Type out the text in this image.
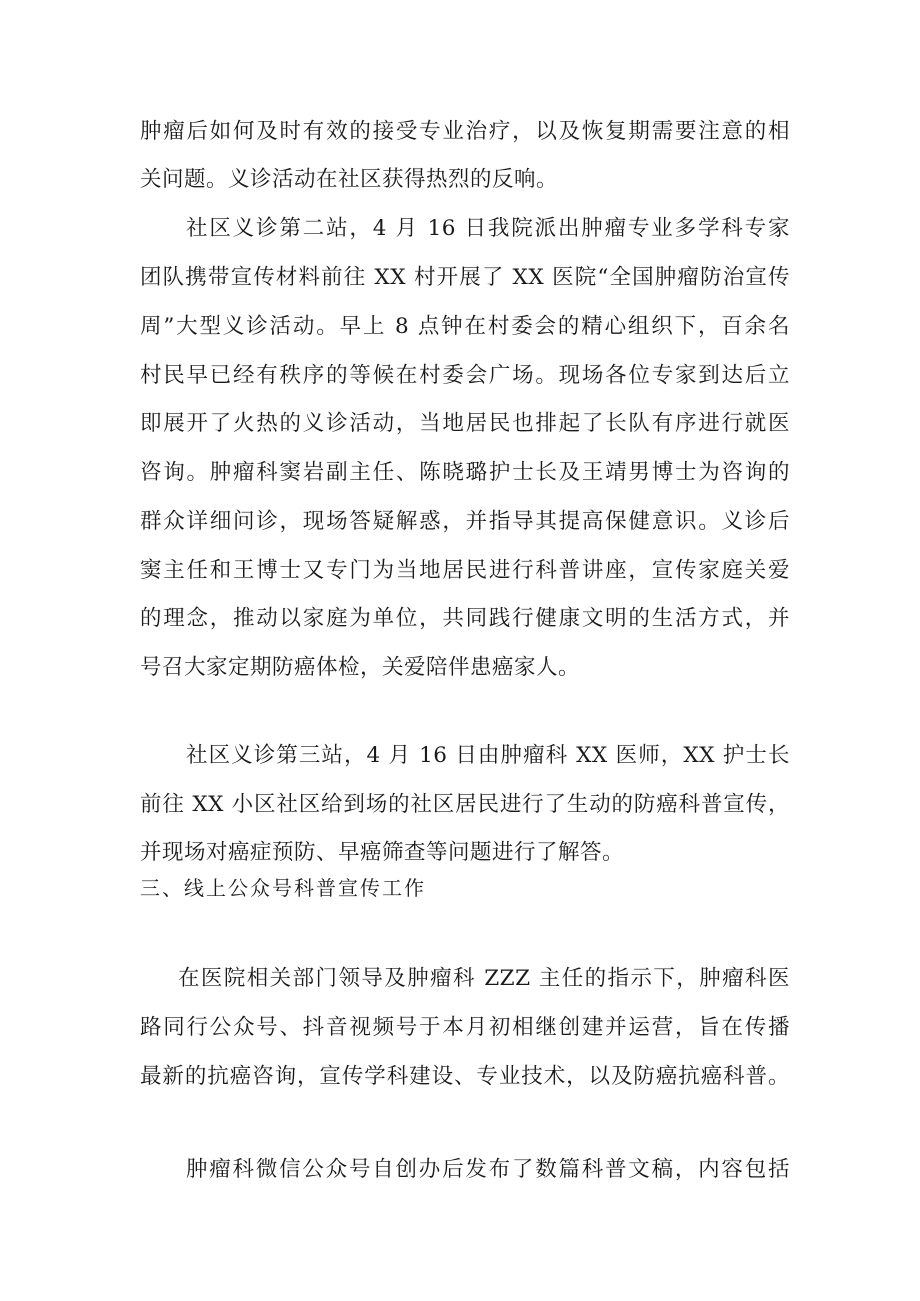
肿瘤后如何及时有效的接受专业治疗，以及恢复期需要注意的相
关问题。义诊活动在社区获得热烈的反响。
社区义诊第二站，4 月 16 日我院派出肿瘤专业多学科专家
团队携带宣传材料前往 XX 村开展了 XX 医院“全国肿瘤防治宣传
周”大型义诊活动。早上 8 点钟在村委会的精心组织下，百余名
村民早已经有秩序的等候在村委会广场。现场各位专家到达后立
即展开了火热的义诊活动，当地居民也排起了长队有序进行就医
咨询。肿瘤科窦岩副主任、陈晓璐护士长及王靖男博士为咨询的
群众详细问诊，现场答疑解惑，并指导其提高保健意识。义诊后
窦主任和王博士又专门为当地居民进行科普讲座，宣传家庭关爱
的理念，推动以家庭为单位，共同践行健康文明的生活方式，并
号召大家定期防癌体检，关爱陪伴患癌家人。
社区义诊第三站，4 月 16 日由肿瘤科 XX 医师，XX 护士长
前往 XX 小区社区给到场的社区居民进行了生动的防癌科普宣传，
并现场对癌症预防、早癌筛查等问题进行了解答。
三、线上公众号科普宣传工作
在医院相关部门领导及肿瘤科 ZZZ 主任的指示下，肿瘤科医
路同行公众号、抖音视频号于本月初相继创建并运营，旨在传播
最新的抗癌咨询，宣传学科建设、专业技术，以及防癌抗癌科普。
肿瘤科微信公众号自创办后发布了数篇科普文稿，内容包括
